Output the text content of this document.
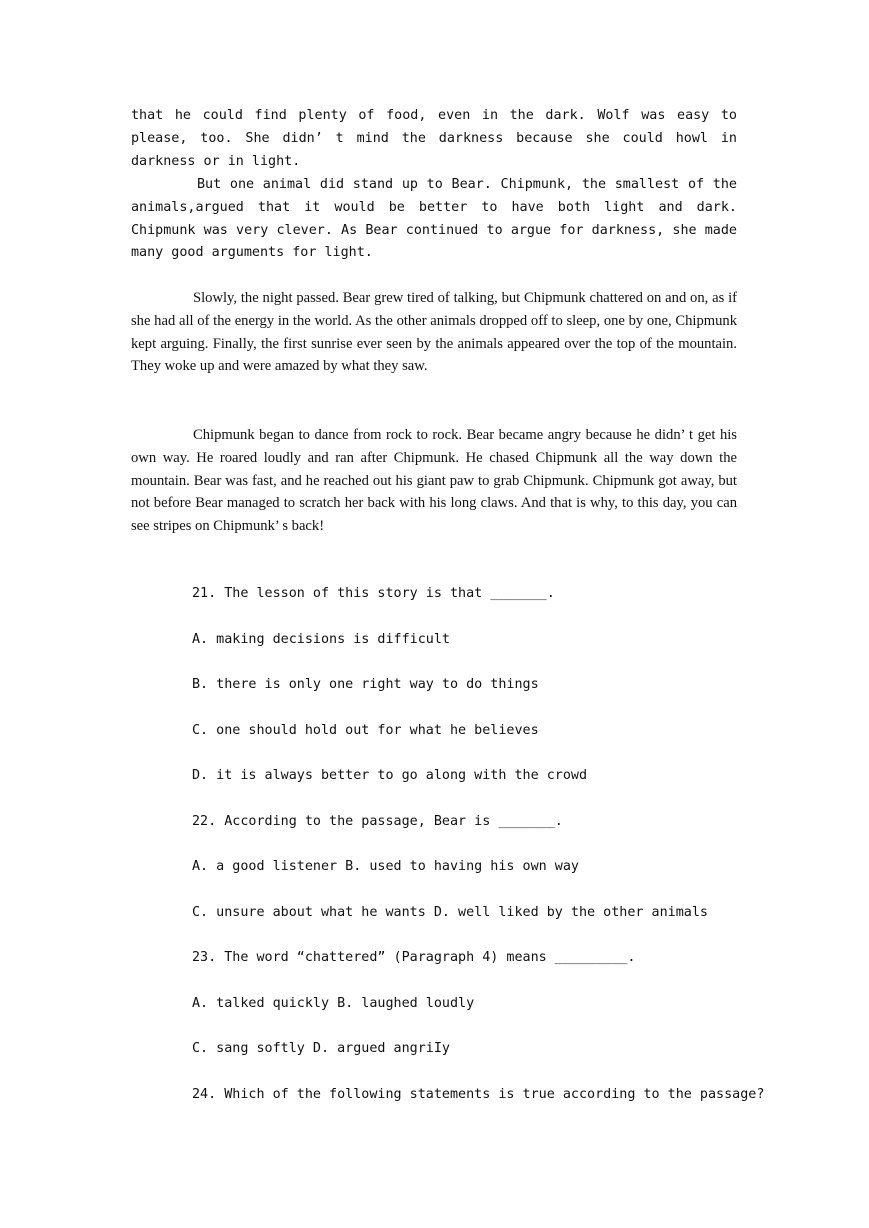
that he could find plenty of food, even in the dark. Wolf was easy to please, too. She didn’ t mind the darkness because she could howl in darkness or in light.

But one animal did stand up to Bear. Chipmunk, the smallest of the animals,argued that it would be better to have both light and dark. Chipmunk was very clever. As Bear continued to argue for darkness, she made many good arguments for light.

Slowly, the night passed. Bear grew tired of talking, but Chipmunk chattered on and on, as if she had all of the energy in the world. As the other animals dropped off to sleep, one by one, Chipmunk kept arguing. Finally, the first sunrise ever seen by the animals appeared over the top of the mountain. They woke up and were amazed by what they saw.

Chipmunk began to dance from rock to rock. Bear became angry because he didn’ t get his own way. He roared loudly and ran after Chipmunk. He chased Chipmunk all the way down the mountain. Bear was fast, and he reached out his giant paw to grab Chipmunk. Chipmunk got away, but not before Bear managed to scratch her back with his long claws. And that is why, to this day, you can see stripes on Chipmunk’ s back!

21. The lesson of this story is that _______.

A. making decisions is difficult

B. there is only one right way to do things

C. one should hold out for what he believes

D. it is always better to go along with the crowd

22. According to the passage, Bear is _______.

A. a good listener B. used to having his own way

C. unsure about what he wants D. well liked by the other animals

23. The word “chattered” (Paragraph 4) means _________.

A. talked quickly B. laughed loudly

C. sang softly D. argued angriIy

24. Which of the following statements is true according to the passage?
